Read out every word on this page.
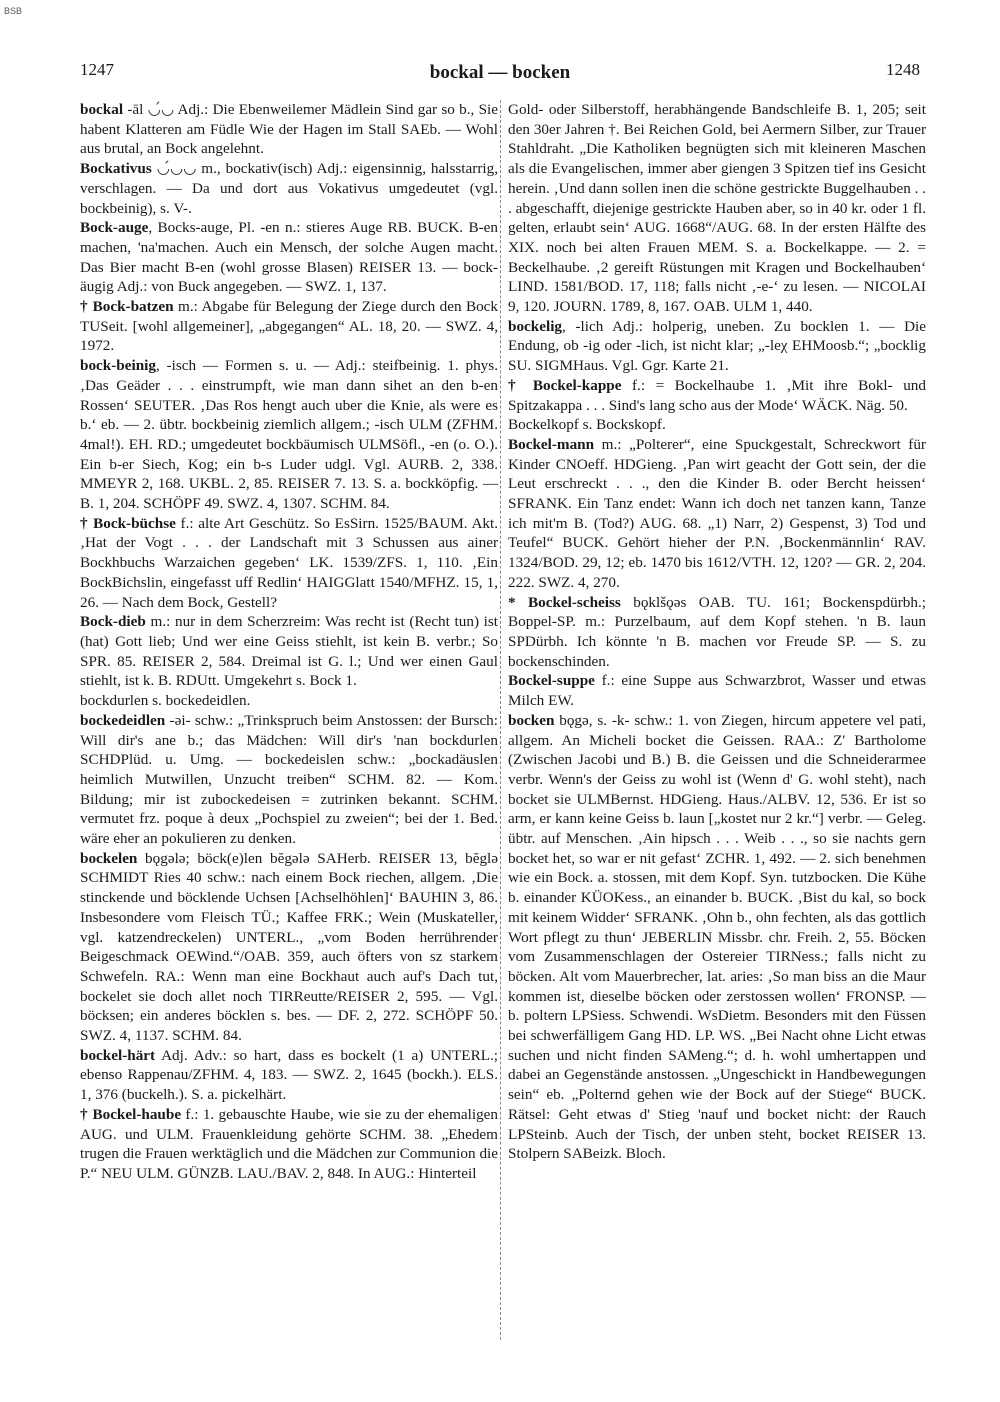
BSB
1247	bockal — bocken	1248

bockal -āl ◡́◡ Adj.: Die Ebenweilemer Mädlein Sind gar so b., Sie habent Klatteren am Füdle Wie der Hagen im Stall SAEb. — Wohl aus brutal, an Bock angelehnt.

Bockativus ◡́◡◡ m., bockativ(isch) Adj.: eigensinnig, halsstarrig, verschlagen. — Da und dort aus Vokativus umgedeutet (vgl. bockbeinig), s. V-.

Bock-auge, Bocks-auge, Pl. -en n.: stieres Auge RB. BUCK. B-en machen, 'na'machen. Auch ein Mensch, der solche Augen macht. Das Bier macht B-en (wohl grosse Blasen) REISER 13. — bock-äugig Adj.: von Buck angegeben. — SWZ. 1, 137.

† Bock-batzen m.: Abgabe für Belegung der Ziege durch den Bock TUSeit. [wohl allgemeiner], „abgegangen“ AL. 18, 20. — SWZ. 4, 1972.

bock-beinig, -isch — Formen s. u. — Adj.: steifbeinig. 1. phys. ‚Das Geäder . . . einstrumpft, wie man dann sihet an den b-en Rossen‘ SEUTER. ‚Das Ros hengt auch uber die Knie, als were es b.‘ eb. — 2. übtr. bockbeinig ziemlich allgem.; -isch ULM (ZFHM. 4mal!). EH. RD.; umgedeutet bockbäumisch ULMSöfl., -en (o. O.). Ein b-er Siech, Kog; ein b-s Luder udgl. Vgl. AURB. 2, 338. MMEYR 2, 168. UKBL. 2, 85. REISER 7. 13. S. a. bockköpfig. — B. 1, 204. SCHÖPF 49. SWZ. 4, 1307. SCHM. 84.

† Bock-büchse f.: alte Art Geschütz. So EsSirn. 1525/BAUM. Akt. ‚Hat der Vogt . . . der Landschaft mit 3 Schussen aus ainer Bockhbuchs Warzaichen gegeben‘ LK. 1539/ZFS. 1, 110. ‚Ein BockBichslin, eingefasst uff Redlin‘ HAIGGlatt 1540/MFHZ. 15, 1, 26. — Nach dem Bock, Gestell?

Bock-dieb m.: nur in dem Scherzreim: Was recht ist (Recht tun) ist (hat) Gott lieb; Und wer eine Geiss stiehlt, ist kein B. verbr.; So SPR. 85. REISER 2, 584. Dreimal ist G. l.; Und wer einen Gaul stiehlt, ist k. B. RDUtt. Umgekehrt s. Bock 1.

bockdurlen s. bockedeidlen.

bockedeidlen -əi- schw.: „Trinkspruch beim Anstossen: der Bursch: Will dir's ane b.; das Mädchen: Will dir's 'nan bockdurlen SCHDPlüd. u. Umg. — bockedeislen schw.: „bockadäuslen heimlich Mutwillen, Unzucht treiben“ SCHM. 82. — Kom. Bildung; mir ist zubockedeisen = zutrinken bekannt. SCHM. vermutet frz. poque à deux „Pochspiel zu zweien“; bei der 1. Bed. wäre eher an pokulieren zu denken.

bockelen bǫgələ; böck(e)len bĕgələ SAHerb. REISER 13, bĕglə SCHMIDT Ries 40 schw.: nach einem Bock riechen, allgem. ‚Die stinckende und böcklende Uchsen [Achselhöhlen]‘ BAUHIN 3, 86. Insbesondere vom Fleisch TÜ.; Kaffee FRK.; Wein (Muskateller, vgl. katzendreckelen) UNTERL., „vom Boden herrührender Beigeschmack OEWind.“/OAB. 359, auch öfters von sz starkem Schwefeln. RA.: Wenn man eine Bockhaut auch auf's Dach tut, bockelet sie doch allet noch TIRReutte/REISER 2, 595. — Vgl. böcksen; ein anderes böcklen s. bes. — DF. 2, 272. SCHÖPF 50. SWZ. 4, 1137. SCHM. 84.

bockel-härt Adj. Adv.: so hart, dass es bockelt (1 a) UNTERL.; ebenso Rappenau/ZFHM. 4, 183. — SWZ. 2, 1645 (bockh.). ELS. 1, 376 (buckelh.). S. a. pickelhärt.

† Bockel-haube f.: 1. gebauschte Haube, wie sie zu der ehemaligen AUG. und ULM. Frauenkleidung gehörte SCHM. 38. „Ehedem trugen die Frauen werktäglich und die Mädchen zur Communion die P.“ NEU ULM. GÜNZB. LAU./BAV. 2, 848. In AUG.: Hinterteil

Gold- oder Silberstoff, herabhängende Bandschleife B. 1, 205; seit den 30er Jahren †. Bei Reichen Gold, bei Aermern Silber, zur Trauer Stahldraht. „Die Katholiken begnügten sich mit kleineren Maschen als die Evangelischen, immer aber giengen 3 Spitzen tief ins Gesicht herein. ‚Und dann sollen inen die schöne gestrickte Buggelhauben . . . abgeschafft, diejenige gestrickte Hauben aber, so in 40 kr. oder 1 fl. gelten, erlaubt sein‘ AUG. 1668“/AUG. 68. In der ersten Hälfte des XIX. noch bei alten Frauen MEM. S. a. Bockelkappe. — 2. = Beckelhaube. ‚2 gereift Rüstungen mit Kragen und Bockelhauben‘ LIND. 1581/BOD. 17, 118; falls nicht ‚-e-‘ zu lesen. — NICOLAI 9, 120. JOURN. 1789, 8, 167. OAB. ULM 1, 440.

bockelig, -lich Adj.: holperig, uneben. Zu bocklen 1. — Die Endung, ob -ig oder -lich, ist nicht klar; „-leχ EHMoosb.“; „bocklig SU. SIGMHaus. Vgl. Ggr. Karte 21.

† Bockel-kappe f.: = Bockelhaube 1. ‚Mit ihre Bokl- und Spitzakappa . . . Sind's lang scho aus der Mode‘ WÄCK. Näg. 50.

Bockelkopf s. Bockskopf.

Bockel-mann m.: „Polterer“, eine Spuckgestalt, Schreckwort für Kinder CNOeff. HDGieng. ‚Pan wirt geacht der Gott sein, der die Leut erschreckt . . ., den die Kinder B. oder Bercht heissen‘ SFRANK. Ein Tanz endet: Wann ich doch net tanzen kann, Tanze ich mit'm B. (Tod?) AUG. 68. „1) Narr, 2) Gespenst, 3) Tod und Teufel“ BUCK. Gehört hieher der P.N. ‚Bockenmännlin‘ RAV. 1324/BOD. 29, 12; eb. 1470 bis 1612/VTH. 12, 120? — GR. 2, 204. 222. SWZ. 4, 270.

* Bockel-scheiss bǫklšǫəs OAB. TU. 161; Bockenspdürbh.; Boppel-SP. m.: Purzelbaum, auf dem Kopf stehen. 'n B. laun SPDürbh. Ich könnte 'n B. machen vor Freude SP. — S. zu bockenschinden.

Bockel-suppe f.: eine Suppe aus Schwarzbrot, Wasser und etwas Milch EW.

bocken bǫgə, s. -k- schw.: 1. von Ziegen, hircum appetere vel pati, allgem. An Micheli bocket die Geissen. RAA.: Z' Bartholome (Zwischen Jacobi und B.) B. die Geissen und die Schneiderarmee verbr. Wenn's der Geiss zu wohl ist (Wenn d' G. wohl steht), nach bocket sie ULMBernst. HDGieng. Haus./ALBV. 12, 536. Er ist so arm, er kann keine Geiss b. laun [„kostet nur 2 kr.“] verbr. — Geleg. übtr. auf Menschen. ‚Ain hipsch . . . Weib . . ., so sie nachts gern bocket het, so war er nit gefast‘ ZCHR. 1, 492. — 2. sich benehmen wie ein Bock. a. stossen, mit dem Kopf. Syn. tutzbocken. Die Kühe b. einander KÜOKess., an einander b. BUCK. ‚Bist du kal, so bock mit keinem Widder‘ SFRANK. ‚Ohn b., ohn fechten, als das gottlich Wort pflegt zu thun‘ JEBERLIN Missbr. chr. Freih. 2, 55. Böcken vom Zusammenschlagen der Ostereier TIRNess.; falls nicht zu böcken. Alt vom Mauerbrecher, lat. aries: ‚So man biss an die Maur kommen ist, dieselbe böcken oder zerstossen wollen‘ FRONSP. — b. poltern LPSiess. Schwendi. WsDietm. Besonders mit den Füssen bei schwerfälligem Gang HD. LP. WS. „Bei Nacht ohne Licht etwas suchen und nicht finden SAMeng.“; d. h. wohl umhertappen und dabei an Gegenstände anstossen. „Ungeschickt in Handbewegungen sein“ eb. „Polternd gehen wie der Bock auf der Stiege“ BUCK. Rätsel: Geht etwas d' Stieg 'nauf und bocket nicht: der Rauch LPSteinb. Auch der Tisch, der unben steht, bocket REISER 13. Stolpern SABeizk. Bloch.
